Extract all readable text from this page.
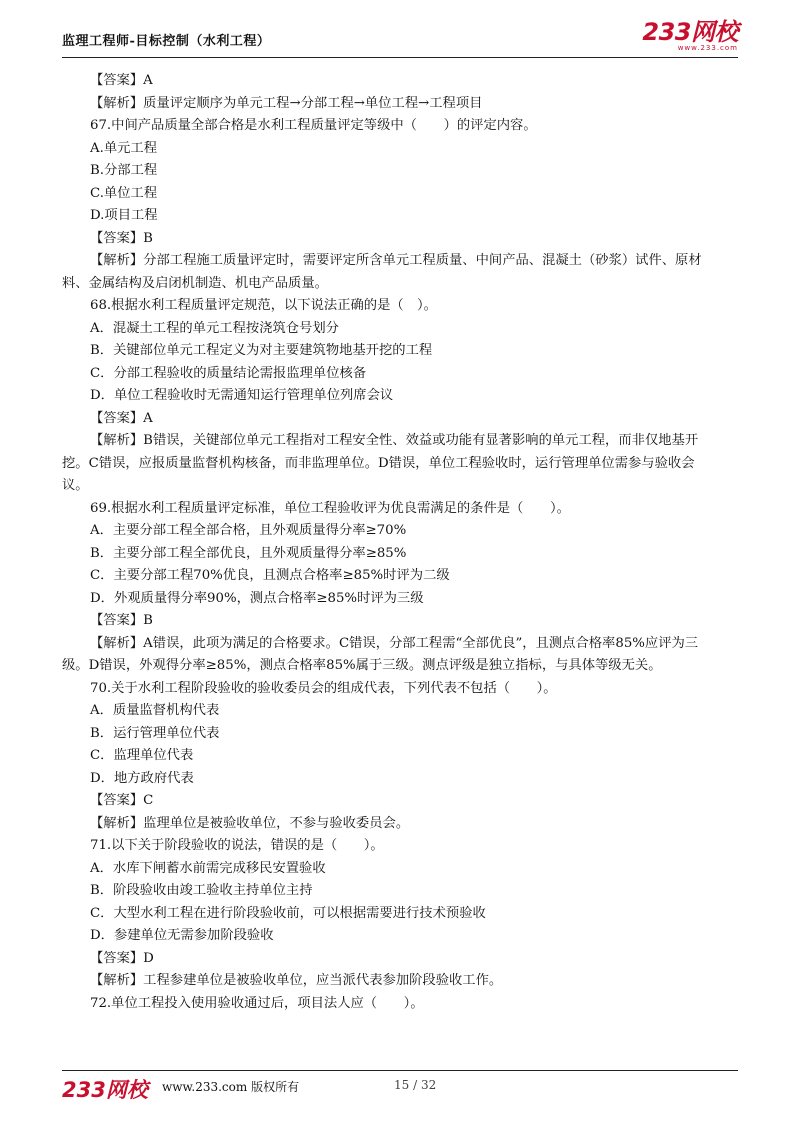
监理工程师-目标控制（水利工程）	233网校
www.233.com
【答案】A
【解析】质量评定顺序为单元工程→分部工程→单位工程→工程项目
67.中间产品质量全部合格是水利工程质量评定等级中（　　）的评定内容。
A.单元工程
B.分部工程
C.单位工程
D.项目工程
【答案】B
【解析】分部工程施工质量评定时，需要评定所含单元工程质量、中间产品、混凝土（砂浆）试件、原材料、金属结构及启闭机制造、机电产品质量。
68.根据水利工程质量评定规范，以下说法正确的是（　）。
A．混凝土工程的单元工程按浇筑仓号划分
B．关键部位单元工程定义为对主要建筑物地基开挖的工程
C．分部工程验收的质量结论需报监理单位核备
D．单位工程验收时无需通知运行管理单位列席会议
【答案】A
【解析】B错误，关键部位单元工程指对工程安全性、效益或功能有显著影响的单元工程，而非仅地基开挖。C错误，应报质量监督机构核备，而非监理单位。D错误，单位工程验收时，运行管理单位需参与验收会议。
69.根据水利工程质量评定标准，单位工程验收评为优良需满足的条件是（　　）。
A．主要分部工程全部合格，且外观质量得分率≥70%
B．主要分部工程全部优良，且外观质量得分率≥85%
C．主要分部工程70%优良，且测点合格率≥85%时评为二级
D．外观质量得分率90%，测点合格率≥85%时评为三级
【答案】B
【解析】A错误，此项为满足的合格要求。C错误，分部工程需“全部优良”，且测点合格率85%应评为三级。D错误，外观得分率≥85%，测点合格率85%属于三级。测点评级是独立指标，与具体等级无关。
70.关于水利工程阶段验收的验收委员会的组成代表，下列代表不包括（　　）。
A．质量监督机构代表
B．运行管理单位代表
C．监理单位代表
D．地方政府代表
【答案】C
【解析】监理单位是被验收单位，不参与验收委员会。
71.以下关于阶段验收的说法，错误的是（　　）。
A．水库下闸蓄水前需完成移民安置验收
B．阶段验收由竣工验收主持单位主持
C．大型水利工程在进行阶段验收前，可以根据需要进行技术预验收
D．参建单位无需参加阶段验收
【答案】D
【解析】工程参建单位是被验收单位，应当派代表参加阶段验收工作。
72.单位工程投入使用验收通过后，项目法人应（　　）。
233网校 www.233.com 版权所有	15 / 32
